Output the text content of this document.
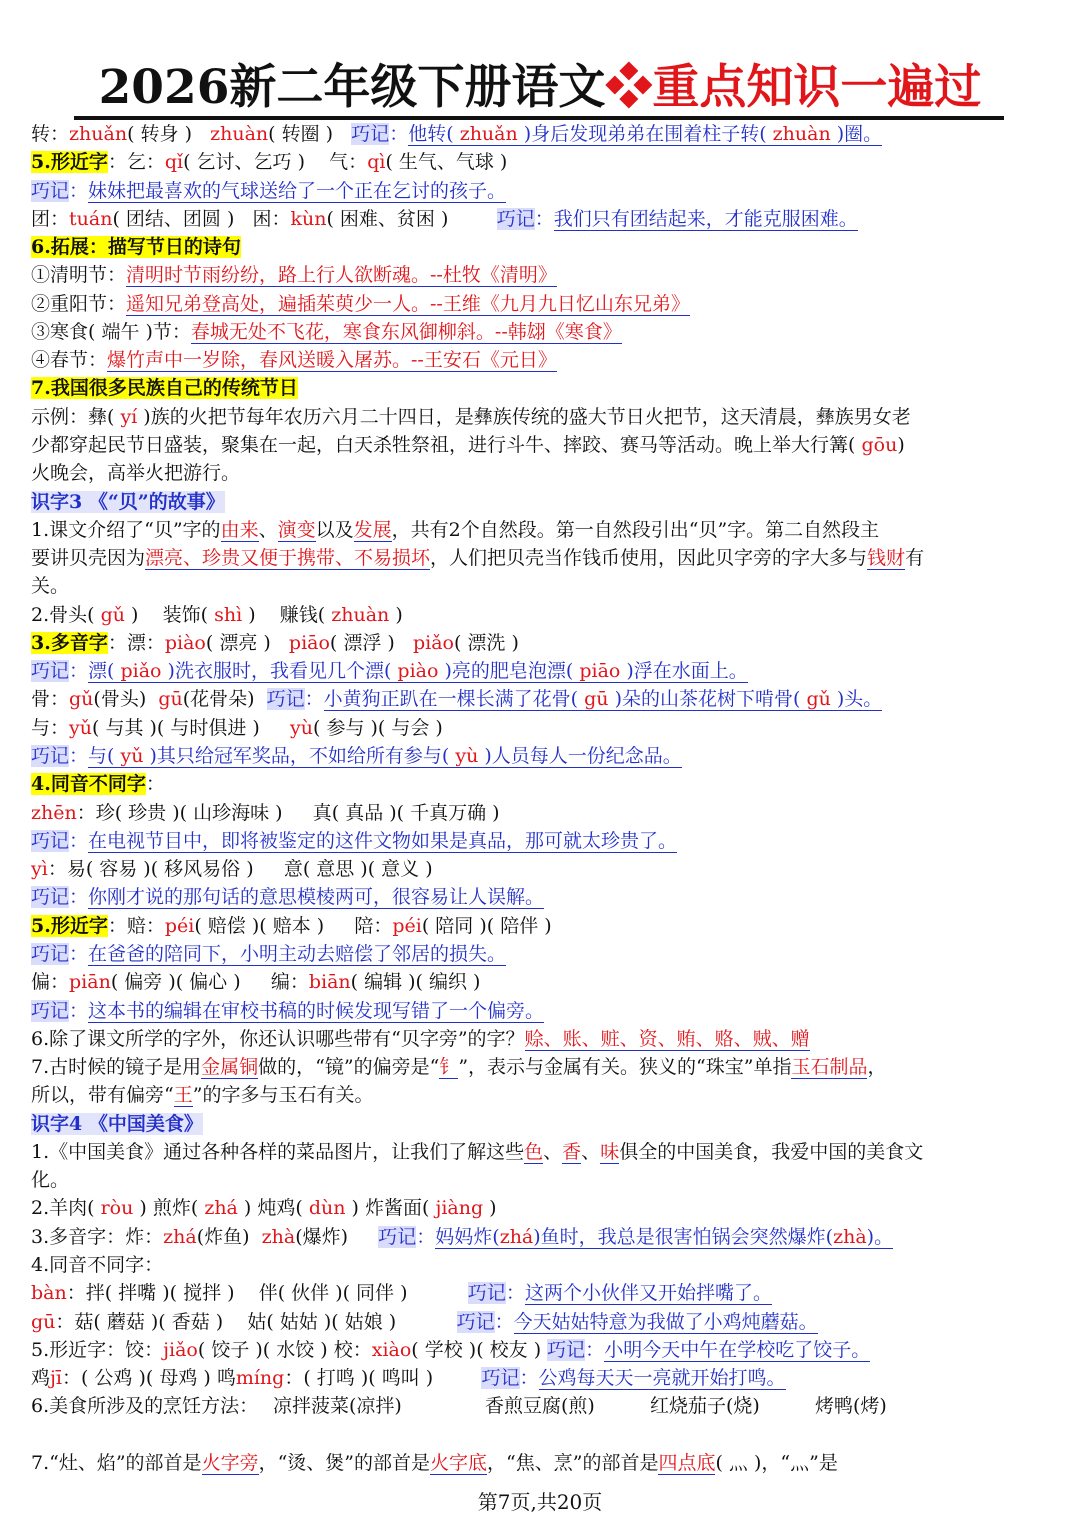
2026新二年级下册语文❖重点知识一遍过
转：zhuǎn( 转身 )   zhuàn( 转圈 )   巧记：他转( zhuǎn )身后发现弟弟在围着柱子转( zhuàn )圈。
5.形近字：乞：qǐ( 乞讨、乞巧 )    气：qì( 生气、气球 )
巧记：妹妹把最喜欢的气球送给了一个正在乞讨的孩子。
团：tuán( 团结、团圆 )   困：kùn( 困难、贫困 )        巧记：我们只有团结起来，才能克服困难。
6.拓展：描写节日的诗句
①清明节：清明时节雨纷纷，路上行人欲断魂。--杜牧《清明》
②重阳节：遥知兄弟登高处，遍插茱萸少一人。--王维《九月九日忆山东兄弟》
③寒食( 端午 )节：春城无处不飞花，寒食东风御柳斜。--韩翃《寒食》
④春节：爆竹声中一岁除，春风送暖入屠苏。--王安石《元日》
7.我国很多民族自己的传统节日
示例：彝( yí )族的火把节每年农历六月二十四日，是彝族传统的盛大节日火把节，这天清晨，彝族男女老
少都穿起民节日盛装，聚集在一起，白天杀牲祭祖，进行斗牛、摔跤、赛马等活动。晚上举大行篝( gōu)
火晚会，高举火把游行。
识字3 《“贝”的故事》
1.课文介绍了“贝”字的由来、演变以及发展，共有2个自然段。第一自然段引出“贝”字。第二自然段主
要讲贝壳因为漂亮、珍贵又便于携带、不易损坏，人们把贝壳当作钱币使用，因此贝字旁的字大多与钱财有
关。
2.骨头( gǔ )    装饰( shì )    赚钱( zhuàn )
3.多音字：漂：piào( 漂亮 )   piāo( 漂浮 )   piǎo( 漂洗 )
巧记：漂( piǎo )洗衣服时，我看见几个漂( piào )亮的肥皂泡漂( piāo )浮在水面上。
骨：gǔ(骨头)  gū(花骨朵)  巧记：小黄狗正趴在一棵长满了花骨( gū )朵的山茶花树下啃骨( gǔ )头。
与：yǔ( 与其 )( 与时俱进 )     yù( 参与 )( 与会 )
巧记：与( yǔ )其只给冠军奖品，不如给所有参与( yù )人员每人一份纪念品。
4.同音不同字：
zhēn：珍( 珍贵 )( 山珍海味 )     真( 真品 )( 千真万确 )
巧记：在电视节目中，即将被鉴定的这件文物如果是真品，那可就太珍贵了。
yì：易( 容易 )( 移风易俗 )     意( 意思 )( 意义 )
巧记：你刚才说的那句话的意思模棱两可，很容易让人误解。
5.形近字：赔：péi( 赔偿 )( 赔本 )     陪：péi( 陪同 )( 陪伴 )
巧记：在爸爸的陪同下，小明主动去赔偿了邻居的损失。
偏：piān( 偏旁 )( 偏心 )     编：biān( 编辑 )( 编织 )
巧记：这本书的编辑在审校书稿的时候发现写错了一个偏旁。
6.除了课文所学的字外，你还认识哪些带有“贝字旁”的字？赊、账、赃、资、贿、赂、贼、赠
7.古时候的镜子是用金属铜做的，“镜”的偏旁是“钅”，表示与金属有关。狭义的“珠宝”单指玉石制品，
所以，带有偏旁“王”的字多与玉石有关。
识字4 《中国美食》
1.《中国美食》通过各种各样的菜品图片，让我们了解这些色、香、味俱全的中国美食，我爱中国的美食文
化。
2.羊肉( ròu ) 煎炸( zhá ) 炖鸡( dùn ) 炸酱面( jiàng )
3.多音字：炸：zhá(炸鱼)  zhà(爆炸)     巧记：妈妈炸(zhá)鱼时，我总是很害怕锅会突然爆炸(zhà)。
4.同音不同字：
bàn：拌( 拌嘴 )( 搅拌 )    伴( 伙伴 )( 同伴 )          巧记：这两个小伙伴又开始拌嘴了。
gū：菇( 蘑菇 )( 香菇 )    姑( 姑姑 )( 姑娘 )          巧记：今天姑姑特意为我做了小鸡炖蘑菇。
5.形近字：饺：jiǎo( 饺子 )( 水饺 ) 校：xiào( 学校 )( 校友 ) 巧记：小明今天中午在学校吃了饺子。
鸡jī：( 公鸡 )( 母鸡 ) 鸣míng：( 打鸣 )( 鸣叫 )        巧记：公鸡每天天一亮就开始打鸣。
7.“灶、焰”的部首是火字旁，“烫、煲”的部首是火字底，“焦、烹”的部首是四点底( 灬 )，“灬”是
6.美食所涉及的烹饪方法：	香煎豆腐(煎)	红烧茄子(烧)	烤鸭(烤)
凉拌菠菜(凉拌)
第7页,共20页
